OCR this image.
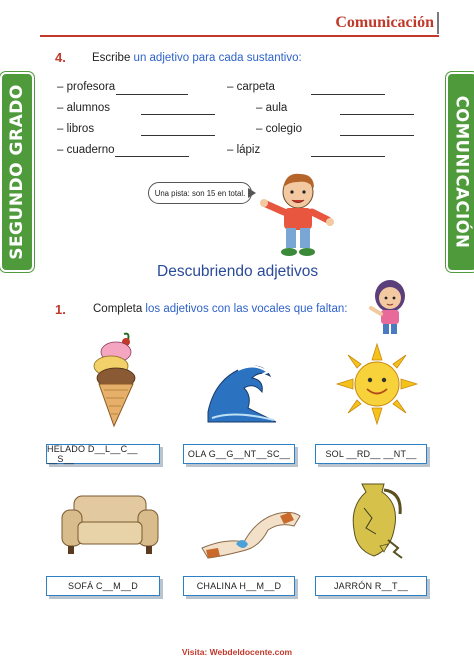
Comunicación
SEGUNDO GRADO	COMUNICACIÓN
4. Escribe un adjetivo para cada sustantivo:
– profesora
– alumnos
– libros
– cuaderno
– carpeta
– aula
– colegio
– lápiz
Una pista: son 15 en total.
Descubriendo adjetivos
1. Completa los adjetivos con las vocales que faltan:
HELADO D__L__C__ __S__	OLA G__G__NT__SC__	SOL __RD__ __NT__
SOFÁ C__M__D	CHALINA H__M__D	JARRÓN R__T__
Visita: Webdeldocente.com
